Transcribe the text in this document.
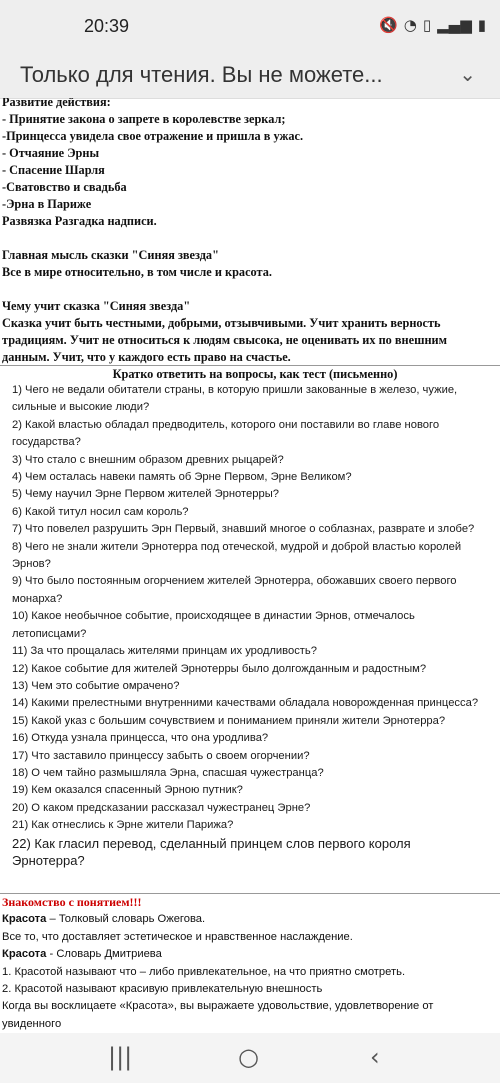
20:39	🔇 ◔ ▯ ▂▄▆ ▮
Только для чтения. Вы не можете...	⌄
Развитие действия:
- Принятие закона о запрете в королевстве зеркал;
-Принцесса увидела свое отражение и пришла в ужас.
- Отчаяние Эрны
- Спасение Шарля
-Сватовство и свадьба
-Эрна в Париже
Развязка Разгадка надписи.
Главная мысль сказки "Синяя звезда"
Все в мире относительно, в том числе и красота.
Чему учит сказка "Синяя звезда"
Сказка учит быть честными, добрыми, отзывчивыми. Учит хранить верность традициям. Учит не относиться к людям свысока, не оценивать их по внешним данным. Учит, что у каждого есть право на счастье.
Кратко ответить на вопросы, как тест (письменно)
1) Чего не ведали обитатели страны, в которую пришли закованные в железо, чужие, сильные и высокие люди?
2) Какой властью обладал предводитель, которого они поставили во главе нового государства?
3) Что стало с внешним образом древних рыцарей?
4) Чем осталась навеки память об Эрне Первом, Эрне Великом?
5) Чему научил Эрне Первом жителей Эрнотерры?
6) Какой титул носил сам король?
7) Что повелел разрушить Эрн Первый, знавший многое о соблазнах, разврате и злобе?
8) Чего не знали жители Эрнотерра под отеческой, мудрой и доброй властью королей Эрнов?
9) Что было постоянным огорчением жителей Эрнотерра, обожавших своего первого монарха?
10) Какое необычное событие, происходящее в династии Эрнов, отмечалось летописцами?
11) За что прощалась жителями принцам их уродливость?
12) Какое событие для жителей Эрнотерры было долгожданным и радостным?
13) Чем это событие омрачено?
14) Какими прелестными внутренними качествами обладала новорожденная принцесса?
15) Какой указ с большим сочувствием и пониманием приняли жители Эрнотерра?
16) Откуда узнала принцесса, что она уродлива?
17) Что заставило принцессу забыть о своем огорчении?
18) О чем тайно размышляла Эрна, спасшая чужестранца?
19) Кем оказался спасенный Эрною путник?
20) О каком предсказании рассказал чужестранец Эрне?
21) Как отнеслись к Эрне жители Парижа?
22) Как гласил перевод, сделанный принцем слов первого короля Эрнотерра?
Знакомство с понятием!!!
Красота – Толковый словарь Ожегова.
Все то, что доставляет эстетическое и нравственное наслаждение.
Красота - Словарь Дмитриева
1. Красотой называют что – либо привлекательное, на что приятно смотреть.
2. Красотой называют красивую привлекательную внешность
Когда вы восклицаете «Красота», вы выражаете удовольствие, удовлетворение от увиденного
|||	○	‹
